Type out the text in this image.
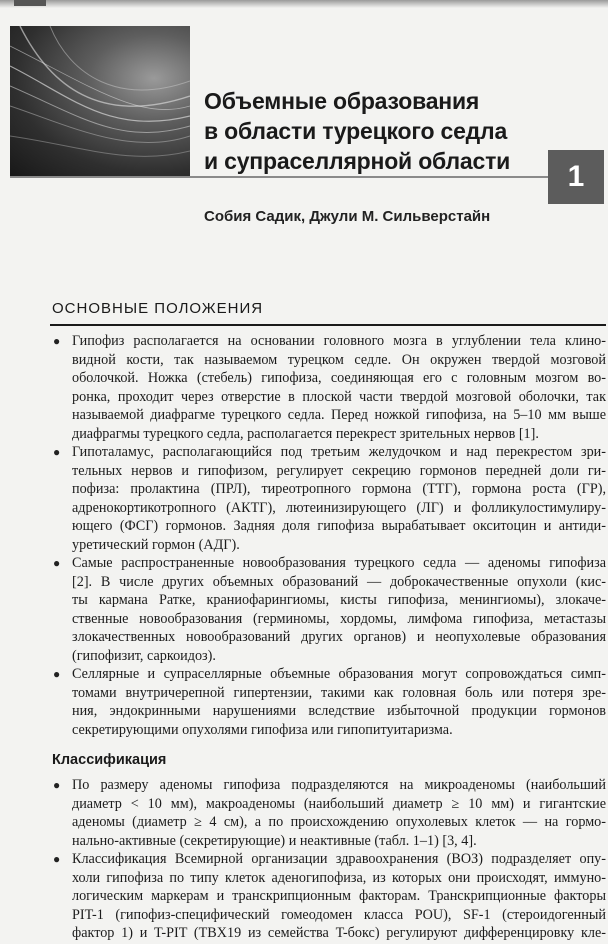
Объемные образования
в области турецкого седла
и супраселлярной области	1
Собия Садик, Джули М. Сильверстайн
ОСНОВНЫЕ ПОЛОЖЕНИЯ
● Гипофиз располагается на основании головного мозга в углублении тела клино-
видной кости, так называемом турецком седле. Он окружен твердой мозговой
оболочкой. Ножка (стебель) гипофиза, соединяющая его с головным мозгом во-
ронка, проходит через отверстие в плоской части твердой мозговой оболочки, так
называемой диафрагме турецкого седла. Перед ножкой гипофиза, на 5–10 мм выше
диафрагмы турецкого седла, располагается перекрест зрительных нервов [1].
● Гипоталамус, располагающийся под третьим желудочком и над перекрестом зри-
тельных нервов и гипофизом, регулирует секрецию гормонов передней доли ги-
пофиза: пролактина (ПРЛ), тиреотропного гормона (ТТГ), гормона роста (ГР),
адренокортикотропного (АКТГ), лютеинизирующего (ЛГ) и фолликулостимулиру-
ющего (ФСГ) гормонов. Задняя доля гипофиза вырабатывает окситоцин и антиди-
уретический гормон (АДГ).
● Самые распространенные новообразования турецкого седла — аденомы гипофиза
[2]. В числе других объемных образований — доброкачественные опухоли (кис-
ты кармана Ратке, краниофарингиомы, кисты гипофиза, менингиомы), злокаче-
ственные новообразования (герминомы, хордомы, лимфома гипофиза, метастазы
злокачественных новообразований других органов) и неопухолевые образования
(гипофизит, саркоидоз).
● Селлярные и супраселлярные объемные образования могут сопровождаться симп-
томами внутричерепной гипертензии, такими как головная боль или потеря зре-
ния, эндокринными нарушениями вследствие избыточной продукции гормонов
секретирующими опухолями гипофиза или гипопитуитаризма.
Классификация
● По размеру аденомы гипофиза подразделяются на микроаденомы (наибольший
диаметр < 10 мм), макроаденомы (наибольший диаметр ≥ 10 мм) и гигантские
аденомы (диаметр ≥ 4 см), а по происхождению опухолевых клеток — на гормо-
нально-активные (секретирующие) и неактивные (табл. 1–1) [3, 4].
● Классификация Всемирной организации здравоохранения (ВОЗ) подразделяет опу-
холи гипофиза по типу клеток аденогипофиза, из которых они происходят, иммуно-
логическим маркерам и транскрипционным факторам. Транскрипционные факторы
PIT-1 (гипофиз-специфический гомеодомен класса POU), SF-1 (стероидогенный
фактор 1) и T-PIT (TBX19 из семейства T-бокс) регулируют дифференцировку кле-
